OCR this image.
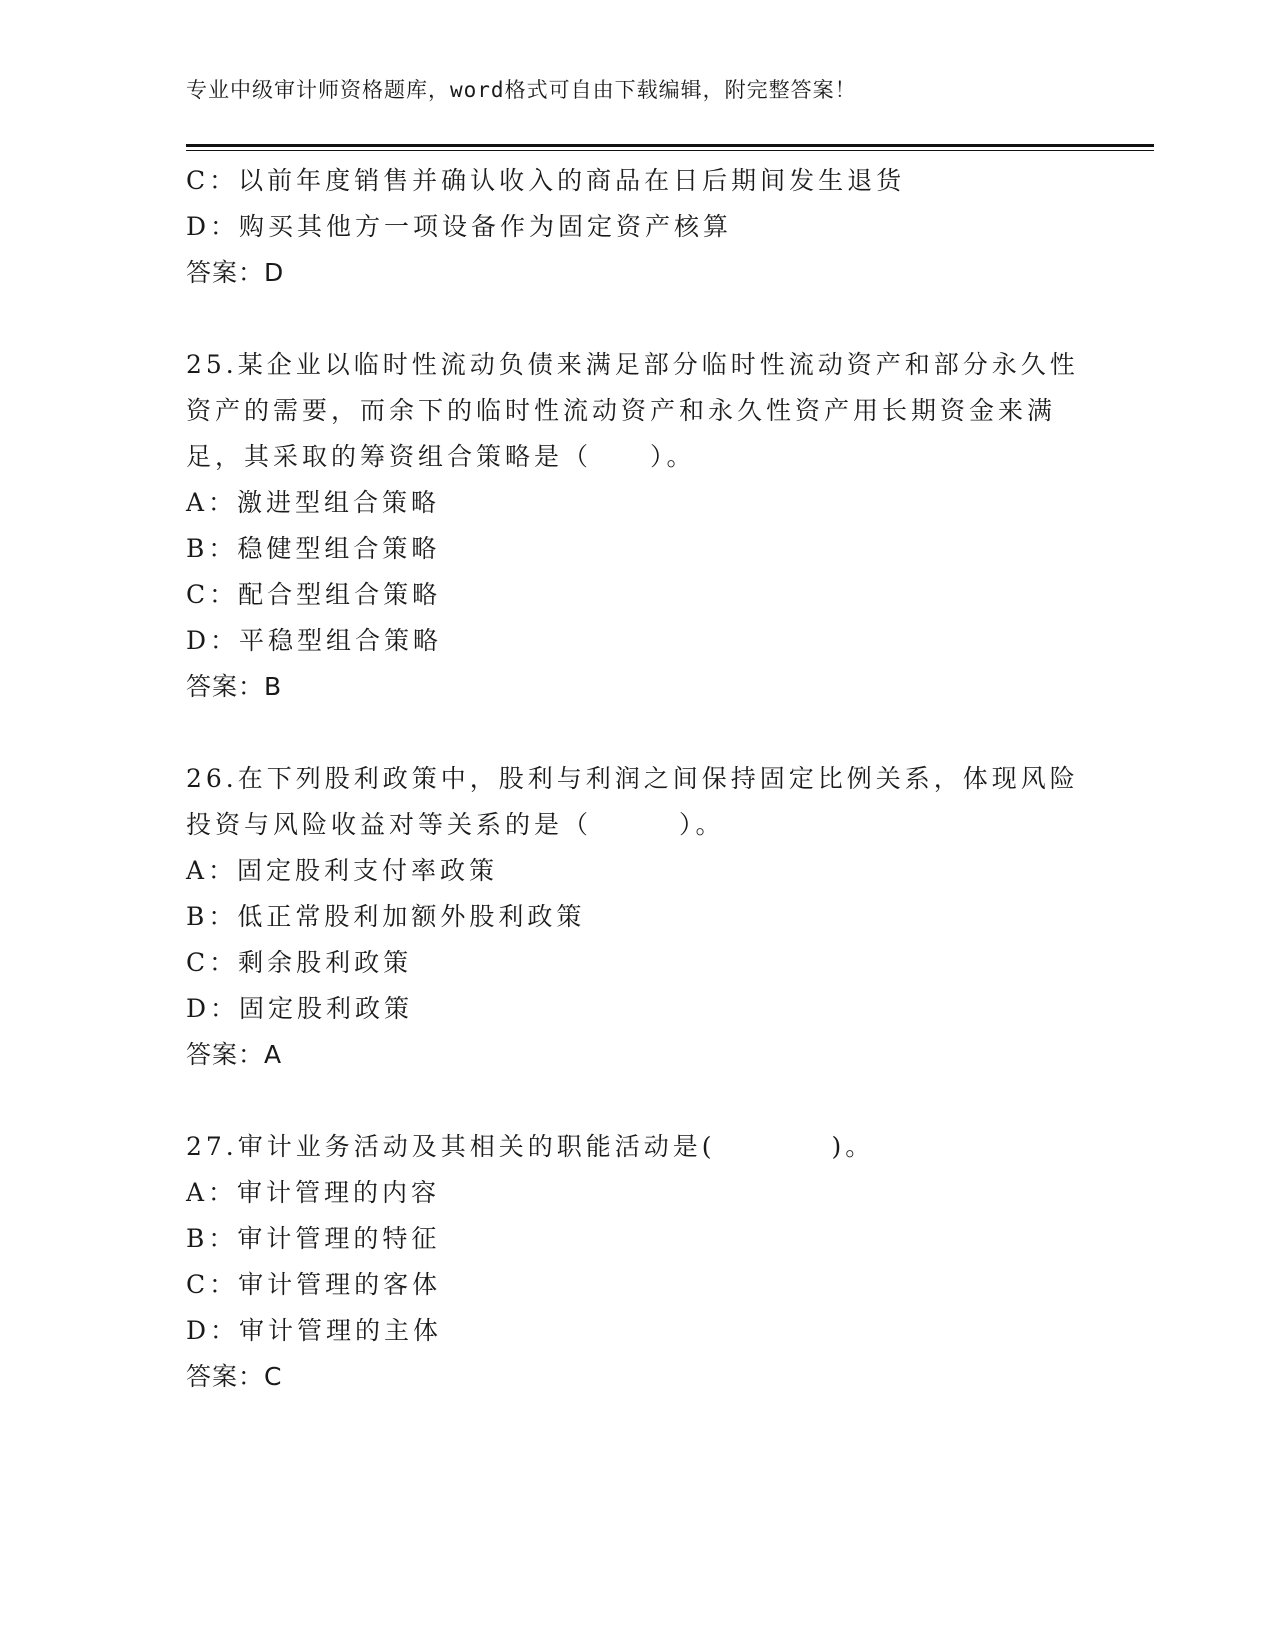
专业中级审计师资格题库，word格式可自由下载编辑，附完整答案！
C：以前年度销售并确认收入的商品在日后期间发生退货
D：购买其他方一项设备作为固定资产核算
答案：D
25.某企业以临时性流动负债来满足部分临时性流动资产和部分永久性资产的需要，而余下的临时性流动资产和永久性资产用长期资金来满足，其采取的筹资组合策略是（　　）。
A：激进型组合策略
B：稳健型组合策略
C：配合型组合策略
D：平稳型组合策略
答案：B
26.在下列股利政策中，股利与利润之间保持固定比例关系，体现风险投资与风险收益对等关系的是（　　　）。
A：固定股利支付率政策
B：低正常股利加额外股利政策
C：剩余股利政策
D：固定股利政策
答案：A
27.审计业务活动及其相关的职能活动是(　　　　)。
A：审计管理的内容
B：审计管理的特征
C：审计管理的客体
D：审计管理的主体
答案：C
